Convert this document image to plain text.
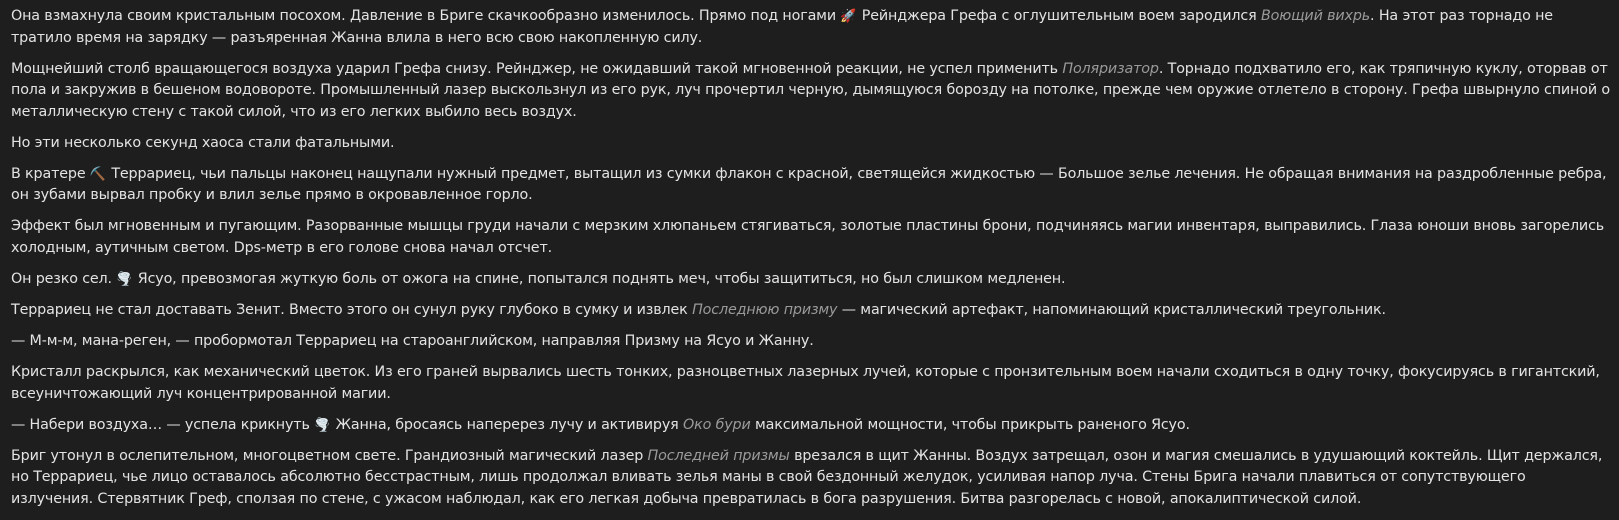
Она взмахнула своим кристальным посохом. Давление в Бриге скачкообразно изменилось. Прямо под ногами 🚀 Рейнджера Грефа с оглушительным воем зародился Воющий вихрь. На этот раз торнадо не тратило время на зарядку — разъяренная Жанна влила в него всю свою накопленную силу.

Мощнейший столб вращающегося воздуха ударил Грефа снизу. Рейнджер, не ожидавший такой мгновенной реакции, не успел применить Поляризатор. Торнадо подхватило его, как тряпичную куклу, оторвав от пола и закружив в бешеном водовороте. Промышленный лазер выскользнул из его рук, луч прочертил черную, дымящуюся борозду на потолке, прежде чем оружие отлетело в сторону. Грефа швырнуло спиной о металлическую стену с такой силой, что из его легких выбило весь воздух.

Но эти несколько секунд хаоса стали фатальными.

В кратере ⛏️ Террариец, чьи пальцы наконец нащупали нужный предмет, вытащил из сумки флакон с красной, светящейся жидкостью — Большое зелье лечения. Не обращая внимания на раздробленные ребра, он зубами вырвал пробку и влил зелье прямо в окровавленное горло.

Эффект был мгновенным и пугающим. Разорванные мышцы груди начали с мерзким хлюпаньем стягиваться, золотые пластины брони, подчиняясь магии инвентаря, выправились. Глаза юноши вновь загорелись холодным, аутичным светом. Dps-метр в его голове снова начал отсчет.

Он резко сел. 🌪️ Ясуо, превозмогая жуткую боль от ожога на спине, попытался поднять меч, чтобы защититься, но был слишком медленен.

Террариец не стал доставать Зенит. Вместо этого он сунул руку глубоко в сумку и извлек Последнюю призму — магический артефакт, напоминающий кристаллический треугольник.

— М-м-м, мана-реген, — пробормотал Террариец на староанглийском, направляя Призму на Ясуо и Жанну.

Кристалл раскрылся, как механический цветок. Из его граней вырвались шесть тонких, разноцветных лазерных лучей, которые с пронзительным воем начали сходиться в одну точку, фокусируясь в гигантский, всеуничтожающий луч концентрированной магии.

— Набери воздуха… — успела крикнуть 🌪️ Жанна, бросаясь наперерез лучу и активируя Око бури максимальной мощности, чтобы прикрыть раненого Ясуо.

Бриг утонул в ослепительном, многоцветном свете. Грандиозный магический лазер Последней призмы врезался в щит Жанны. Воздух затрещал, озон и магия смешались в удушающий коктейль. Щит держался, но Террариец, чье лицо оставалось абсолютно бесстрастным, лишь продолжал вливать зелья маны в свой бездонный желудок, усиливая напор луча. Стены Брига начали плавиться от сопутствующего излучения. Стервятник Греф, сползая по стене, с ужасом наблюдал, как его легкая добыча превратилась в бога разрушения. Битва разгорелась с новой, апокалиптической силой.
